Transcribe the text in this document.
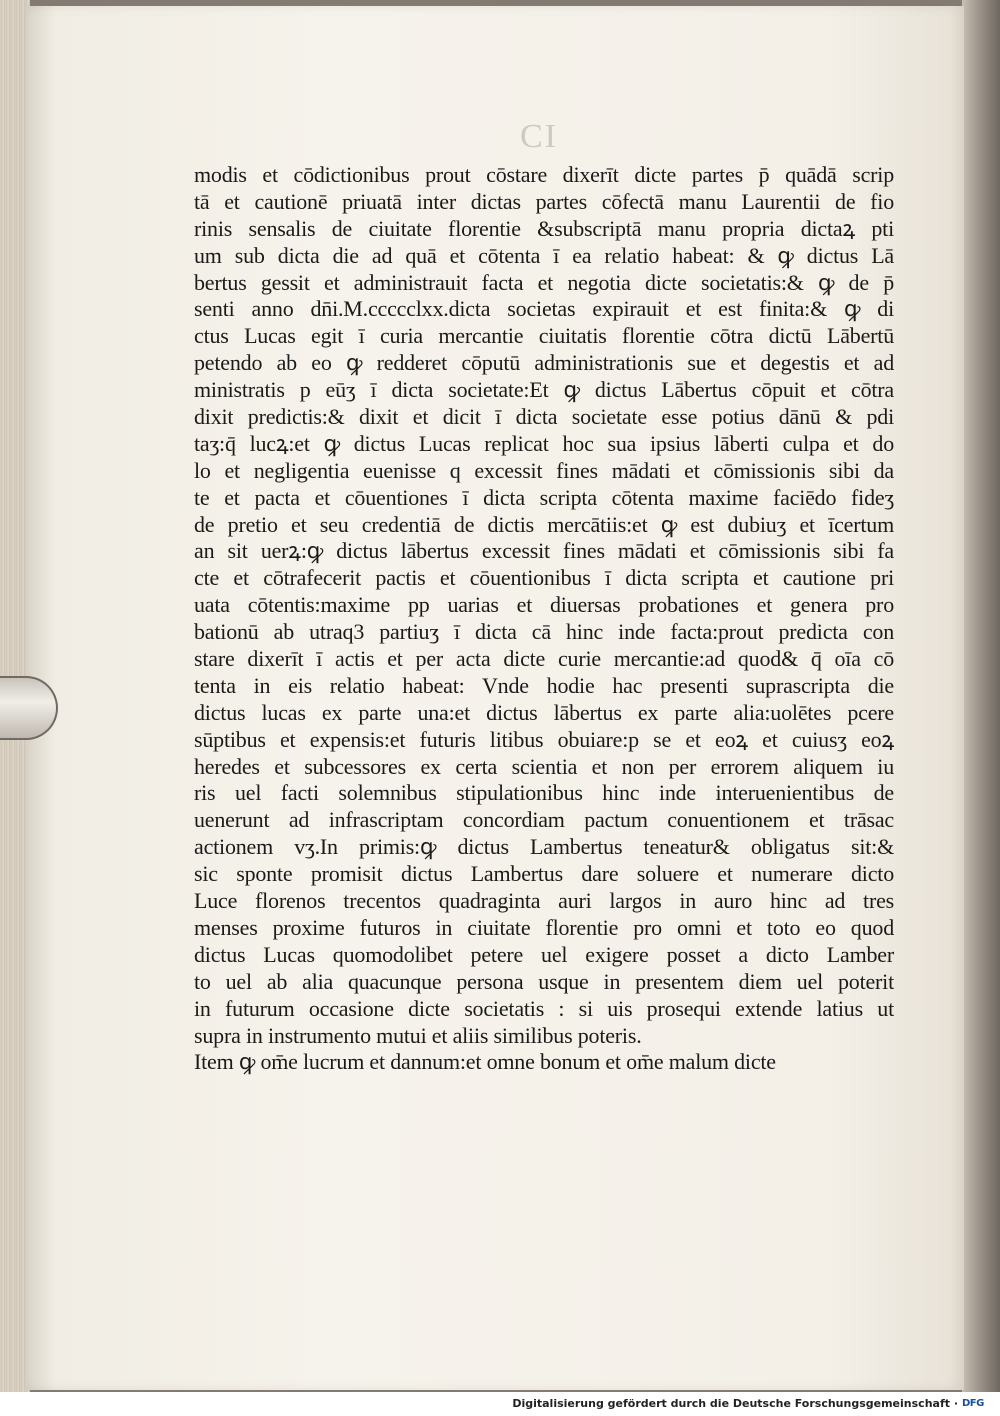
CI
modis et cōdictionibus prout cōstare dixerīt dicte partes p̄ quādā scrip
tā et cautionē priuatā inter dictas partes cōfectā manu Laurentii de fio
rinis sensalis de ciuitate florentie &subscriptā manu propria dictaꝝ pti
um sub dicta die ad quā et cōtenta ī ea relatio habeat: & ꝙ dictus Lā
bertus gessit et administrauit facta et negotia dicte societatis:& ꝙ de p̄
senti anno dn̄i.M.ccccclxx.dicta societas expirauit et est finita:& ꝙ di
ctus Lucas egit ī curia mercantie ciuitatis florentie cōtra dictū Lābertū
petendo ab eo ꝙ redderet cōputū administrationis sue et degestis et ad
ministratis p eūʒ ī dicta societate:Et ꝙ dictus Lābertus cōpuit et cōtra
dixit predictis:& dixit et dicit ī dicta societate esse potius dānū & pdi
taʒ:q̄ lucꝝ:et ꝙ dictus Lucas replicat hoc sua ipsius lāberti culpa et do
lo et negligentia euenisse q excessit fines mādati et cōmissionis sibi da
te et pacta et cōuentiones ī dicta scripta cōtenta maxime faciēdo fideʒ
de pretio et seu credentiā de dictis mercātiis:et ꝙ est dubiuʒ et īcertum
an sit uerꝝ:ꝙ dictus lābertus excessit fines mādati et cōmissionis sibi fa
cte et cōtrafecerit pactis et cōuentionibus ī dicta scripta et cautione pri
uata cōtentis:maxime pp uarias et diuersas probationes et genera pro
bationū ab utraq3 partiuʒ ī dicta cā hinc inde facta:prout predicta con
stare dixerīt ī actis et per acta dicte curie mercantie:ad quod& q̄ oīa cō
tenta in eis relatio habeat: Vnde hodie hac presenti suprascripta die
dictus lucas ex parte una:et dictus lābertus ex parte alia:uolētes pcere
sūptibus et expensis:et futuris litibus obuiare:p se et eoꝝ et cuiusʒ eoꝝ
heredes et subcessores ex certa scientia et non per errorem aliquem iu
ris uel facti solemnibus stipulationibus hinc inde interuenientibus de
uenerunt ad infrascriptam concordiam pactum conuentionem et trāsac
actionem vʒ.In primis:ꝙ dictus Lambertus teneatur& obligatus sit:&
sic sponte promisit dictus Lambertus dare soluere et numerare dicto
Luce florenos trecentos quadraginta auri largos in auro hinc ad tres
menses proxime futuros in ciuitate florentie pro omni et toto eo quod
dictus Lucas quomodolibet petere uel exigere posset a dicto Lamber
to uel ab alia quacunque persona usque in presentem diem uel poterit
in futurum occasione dicte societatis : si uis prosequi extende latius ut
supra in instrumento mutui et aliis similibus poteris.
Item ꝙ om̄e lucrum et dannum:et omne bonum et om̄e malum dicte
Digitalisierung gefördert durch die Deutsche Forschungsgemeinschaft · DFG
